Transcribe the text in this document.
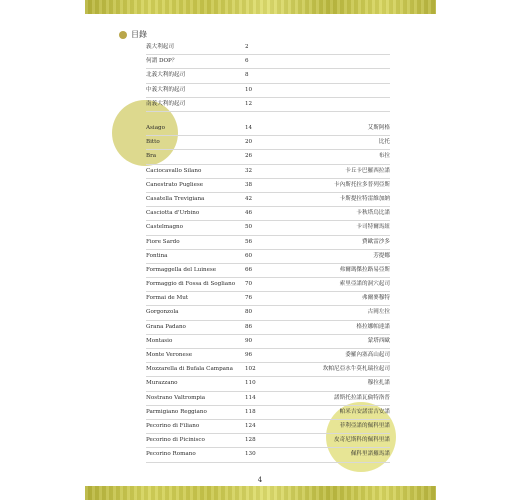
目錄
義大利起司	2
何謂 DOP？	6
北義大利的起司	8
中義大利的起司	10
南義大利的起司	12
Asiago	14	艾斯阿格
Bitto	20	比托
Bra	26	布拉
Caciocavallo Silano	32	卡丘卡巴羅西拉諾
Canestrato Pugliese	38	卡內斯托拉多普列亞斯
Casatella Trevigiana	42	卡斯提拉特雷維加納
Casciotta d'Urbino	46	卡秋塔烏比諾
Castelmagno	50	卡司特爾馬紐
Fiore Sardo	56	費歐雷沙多
Fontina	60	芳提娜
Formaggella del Luinese	66	弗爾瑪傑拉路易亞斯
Formaggio di Fossa di Sogliano 70	索里亞諾的洞穴起司
Formai de Mut	76	弗爾麥穆特
Gorgonzola	80	古岡左拉
Grana Padano	86	格拉娜帕達諾
Montasio	90	蒙塔西歐
Monte Veronese	96	委羅內塞高山起司
Mozzarella di Bufala Campana 102	坎帕尼亞水牛莫札瑞拉起司
Murazzano	110	穆拉扎諾
Nostrano Valtrompia	114	諾斯托拉諾瓦倫特洛普
Parmigiano Reggiano	118	帕米吉安諾雷吉安諾
Pecorino di Filiano	124	菲利亞諾的佩科里諾
Pecorino di Picinisco	128	皮奇尼斯科的佩科里諾
Pecorino Romano	130	佩科里諾羅馬諾
4
